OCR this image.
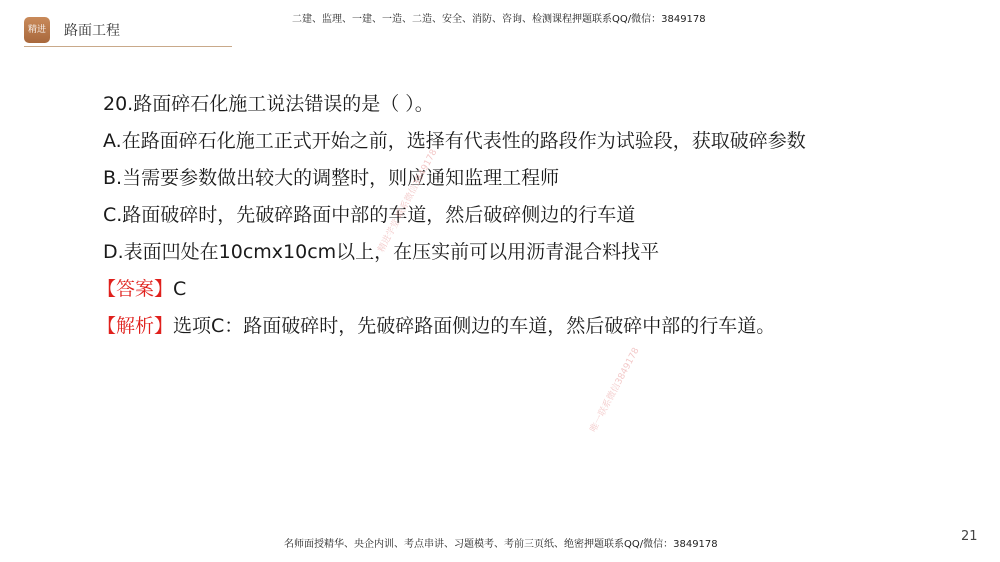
精进 路面工程
二建、监理、一建、一造、二造、安全、消防、咨询、检测课程押题联系QQ/微信：3849178
20.路面碎石化施工说法错误的是（ ）。
A.在路面碎石化施工正式开始之前，选择有代表性的路段作为试验段，获取破碎参数
B.当需要参数做出较大的调整时，则应通知监理工程师
C.路面破碎时，先破碎路面中部的车道，然后破碎侧边的行车道
D.表面凹处在10cmx10cm以上，在压实前可以用沥青混合料找平
【答案】C
【解析】选项C：路面破碎时，先破碎路面侧边的车道，然后破碎中部的行车道。
精进学堂 联系微信3849178
唯一联系微信3849178
名师面授精华、央企内训、考点串讲、习题模考、考前三页纸、绝密押题联系QQ/微信：3849178
21
